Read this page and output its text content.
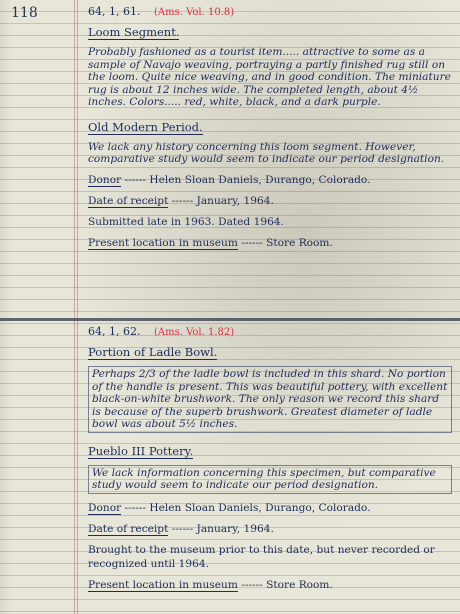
118	64, 1, 61. (Ams. Vol. 10.8)
Loom Segment.
Probably fashioned as a tourist item..... attractive to some as a sample of Navajo weaving, portraying a partly finished rug still on the loom. Quite nice weaving, and in good condition. The miniature rug is about 12 inches wide. The completed length, about 4½ inches. Colors..... red, white, black, and a dark purple.
Old Modern Period.
We lack any history concerning this loom segment. However, comparative study would seem to indicate our period designation.
Donor ------ Helen Sloan Daniels, Durango, Colorado.
Date of receipt ------ January, 1964.
Submitted late in 1963. Dated 1964.
Present location in museum ------ Store Room.
64, 1, 62. (Ams. Vol. 1.82)
Portion of Ladle Bowl.
Perhaps 2/3 of the ladle bowl is included in this shard. No portion of the handle is present. This was beautiful pottery, with excellent black-on-white brushwork. The only reason we record this shard is because of the superb brushwork. Greatest diameter of ladle bowl was about 5½ inches.
Pueblo III Pottery.
We lack information concerning this specimen, but comparative study would seem to indicate our period designation.
Donor ------ Helen Sloan Daniels, Durango, Colorado.
Date of receipt ------ January, 1964.
Brought to the museum prior to this date, but never recorded or recognized until 1964.
Present location in museum ------ Store Room.
